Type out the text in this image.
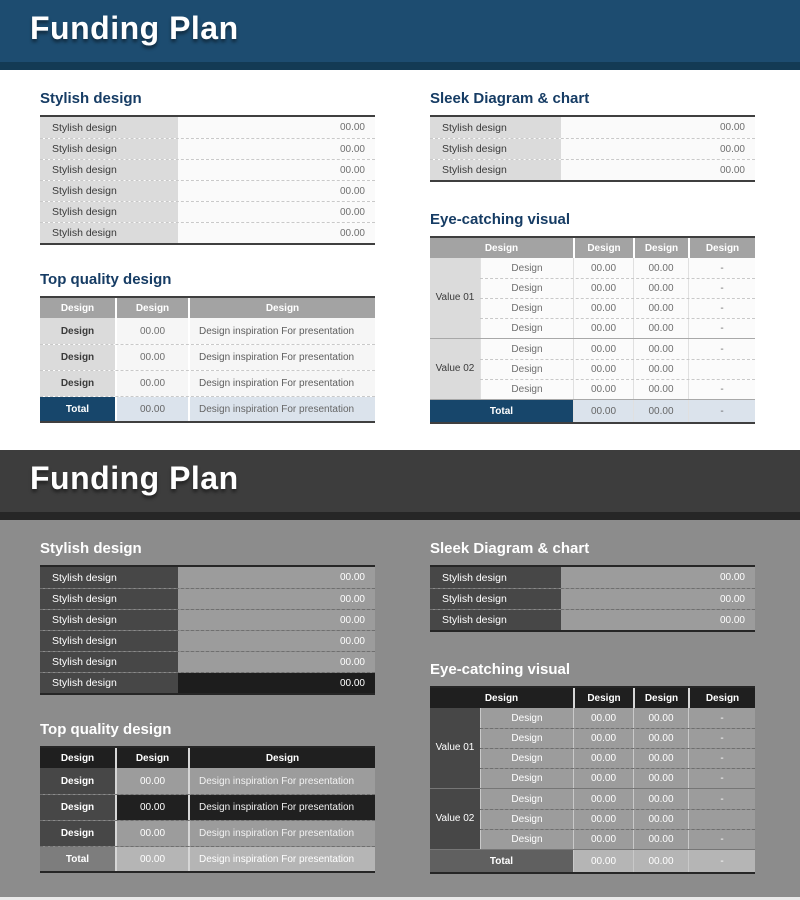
Funding Plan
Stylish design
Stylish design	00.00
Stylish design	00.00
Stylish design	00.00
Stylish design	00.00
Stylish design	00.00
Stylish design	00.00
Top quality design
Design	Design	Design
Design	00.00	Design inspiration For presentation
Design	00.00	Design inspiration For presentation
Design	00.00	Design inspiration For presentation
Total	00.00	Design inspiration For presentation
Sleek Diagram & chart
Stylish design	00.00
Stylish design	00.00
Stylish design	00.00
Eye-catching visual
Design	Design	Design	Design
Value 01
Design	00.00	00.00	-
Design	00.00	00.00	-
Design	00.00	00.00	-
Design	00.00	00.00	-
Value 02
Design	00.00	00.00	-
Design	00.00	00.00
Design	00.00	00.00	-
Total	00.00	00.00	-
Funding Plan
Stylish design
Stylish design	00.00
Stylish design	00.00
Stylish design	00.00
Stylish design	00.00
Stylish design	00.00
Stylish design	00.00
Top quality design
Design	Design	Design
Design	00.00	Design inspiration For presentation
Design	00.00	Design inspiration For presentation
Design	00.00	Design inspiration For presentation
Total	00.00	Design inspiration For presentation
Sleek Diagram & chart
Stylish design	00.00
Stylish design	00.00
Stylish design	00.00
Eye-catching visual
Design	Design	Design	Design
Value 01
Design	00.00	00.00	-
Design	00.00	00.00	-
Design	00.00	00.00	-
Design	00.00	00.00	-
Value 02
Design	00.00	00.00	-
Design	00.00	00.00
Design	00.00	00.00	-
Total	00.00	00.00	-
